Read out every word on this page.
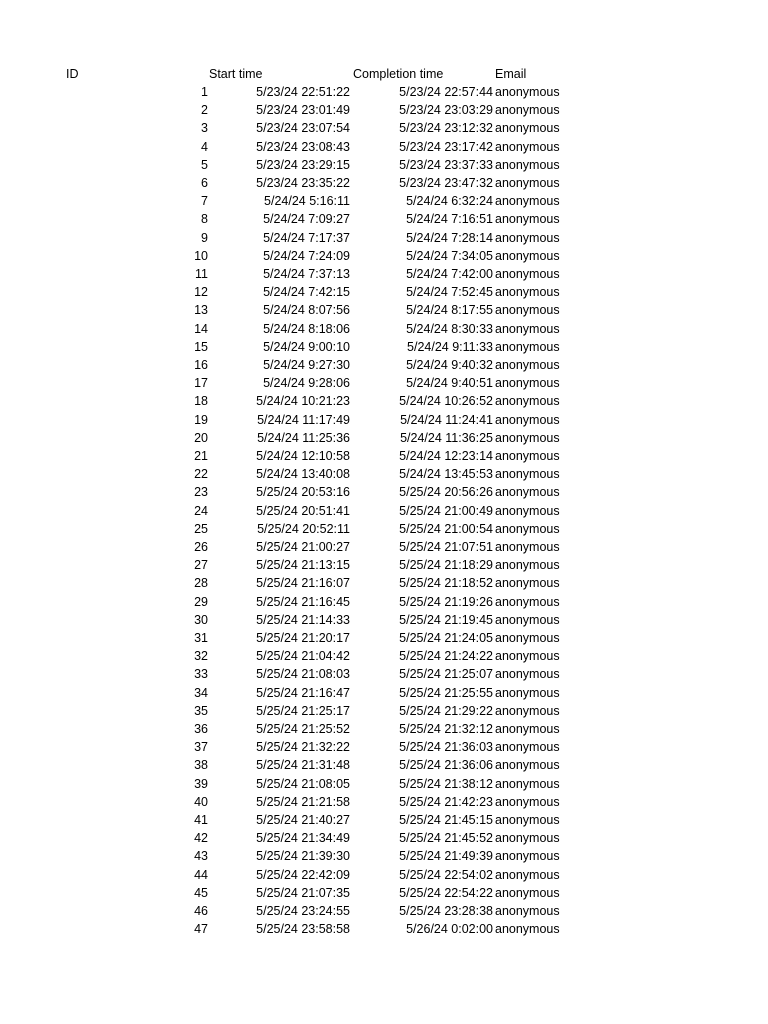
ID	Start time	Completion time	Email
1	5/23/24 22:51:22	5/23/24 22:57:44 anonymous
2	5/23/24 23:01:49	5/23/24 23:03:29 anonymous
3	5/23/24 23:07:54	5/23/24 23:12:32 anonymous
4	5/23/24 23:08:43	5/23/24 23:17:42 anonymous
5	5/23/24 23:29:15	5/23/24 23:37:33 anonymous
6	5/23/24 23:35:22	5/23/24 23:47:32 anonymous
7	5/24/24 5:16:11	5/24/24 6:32:24 anonymous
8	5/24/24 7:09:27	5/24/24 7:16:51 anonymous
9	5/24/24 7:17:37	5/24/24 7:28:14 anonymous
10	5/24/24 7:24:09	5/24/24 7:34:05 anonymous
11	5/24/24 7:37:13	5/24/24 7:42:00 anonymous
12	5/24/24 7:42:15	5/24/24 7:52:45 anonymous
13	5/24/24 8:07:56	5/24/24 8:17:55 anonymous
14	5/24/24 8:18:06	5/24/24 8:30:33 anonymous
15	5/24/24 9:00:10	5/24/24 9:11:33 anonymous
16	5/24/24 9:27:30	5/24/24 9:40:32 anonymous
17	5/24/24 9:28:06	5/24/24 9:40:51 anonymous
18	5/24/24 10:21:23	5/24/24 10:26:52 anonymous
19	5/24/24 11:17:49	5/24/24 11:24:41 anonymous
20	5/24/24 11:25:36	5/24/24 11:36:25 anonymous
21	5/24/24 12:10:58	5/24/24 12:23:14 anonymous
22	5/24/24 13:40:08	5/24/24 13:45:53 anonymous
23	5/25/24 20:53:16	5/25/24 20:56:26 anonymous
24	5/25/24 20:51:41	5/25/24 21:00:49 anonymous
25	5/25/24 20:52:11	5/25/24 21:00:54 anonymous
26	5/25/24 21:00:27	5/25/24 21:07:51 anonymous
27	5/25/24 21:13:15	5/25/24 21:18:29 anonymous
28	5/25/24 21:16:07	5/25/24 21:18:52 anonymous
29	5/25/24 21:16:45	5/25/24 21:19:26 anonymous
30	5/25/24 21:14:33	5/25/24 21:19:45 anonymous
31	5/25/24 21:20:17	5/25/24 21:24:05 anonymous
32	5/25/24 21:04:42	5/25/24 21:24:22 anonymous
33	5/25/24 21:08:03	5/25/24 21:25:07 anonymous
34	5/25/24 21:16:47	5/25/24 21:25:55 anonymous
35	5/25/24 21:25:17	5/25/24 21:29:22 anonymous
36	5/25/24 21:25:52	5/25/24 21:32:12 anonymous
37	5/25/24 21:32:22	5/25/24 21:36:03 anonymous
38	5/25/24 21:31:48	5/25/24 21:36:06 anonymous
39	5/25/24 21:08:05	5/25/24 21:38:12 anonymous
40	5/25/24 21:21:58	5/25/24 21:42:23 anonymous
41	5/25/24 21:40:27	5/25/24 21:45:15 anonymous
42	5/25/24 21:34:49	5/25/24 21:45:52 anonymous
43	5/25/24 21:39:30	5/25/24 21:49:39 anonymous
44	5/25/24 22:42:09	5/25/24 22:54:02 anonymous
45	5/25/24 21:07:35	5/25/24 22:54:22 anonymous
46	5/25/24 23:24:55	5/25/24 23:28:38 anonymous
47	5/25/24 23:58:58	5/26/24 0:02:00 anonymous
